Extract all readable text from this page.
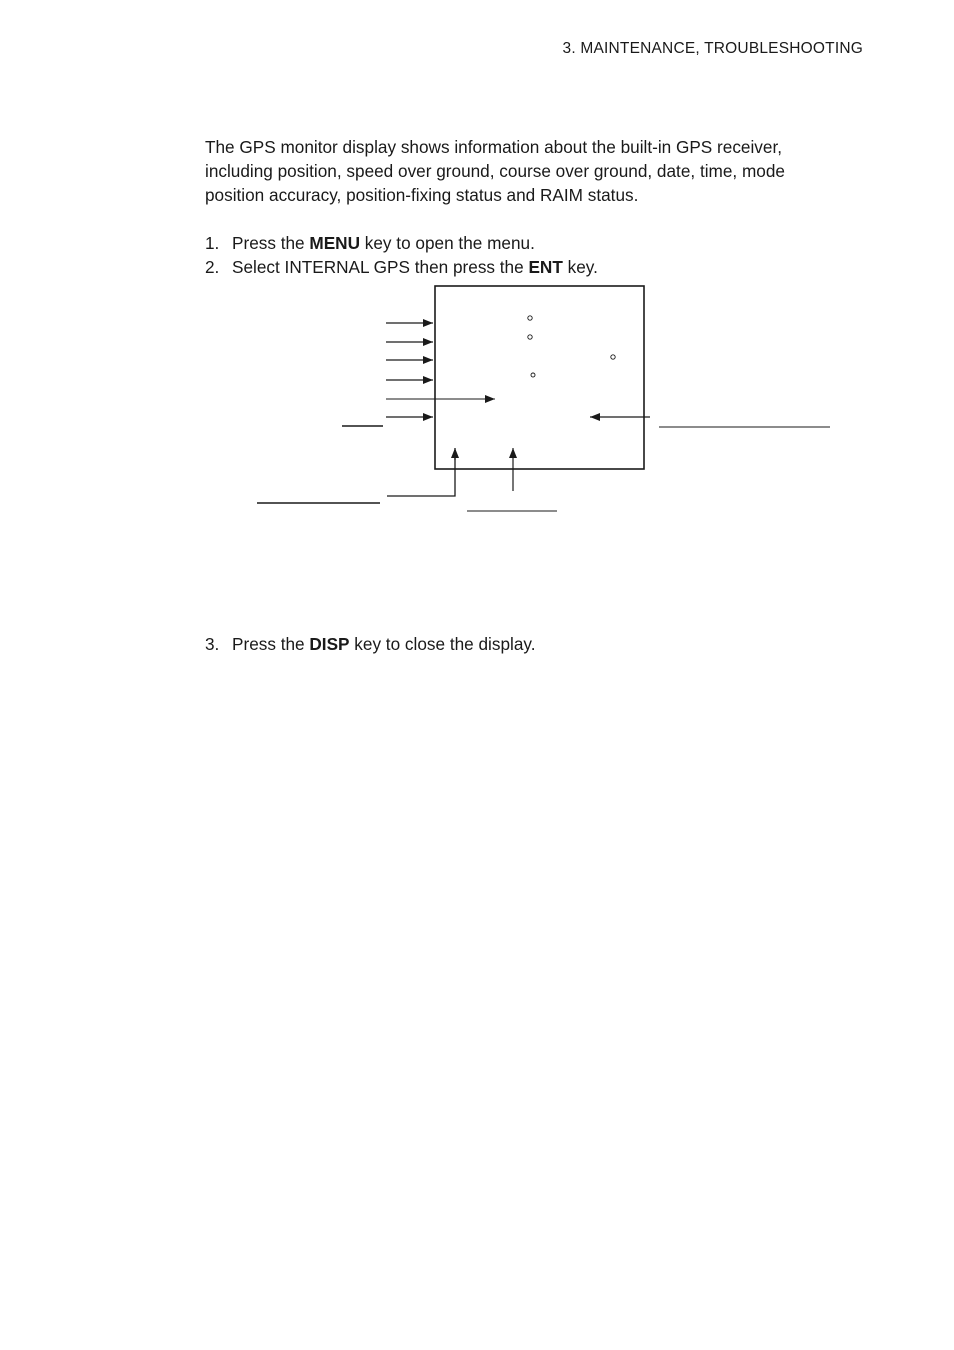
3. MAINTENANCE, TROUBLESHOOTING

The GPS monitor display shows information about the built-in GPS receiver, including position, speed over ground, course over ground, date, time, mode position accuracy, position-fixing status and RAIM status.

1. Press the MENU key to open the menu.
2. Select INTERNAL GPS then press the ENT key.
3. Press the DISP key to close the display.
